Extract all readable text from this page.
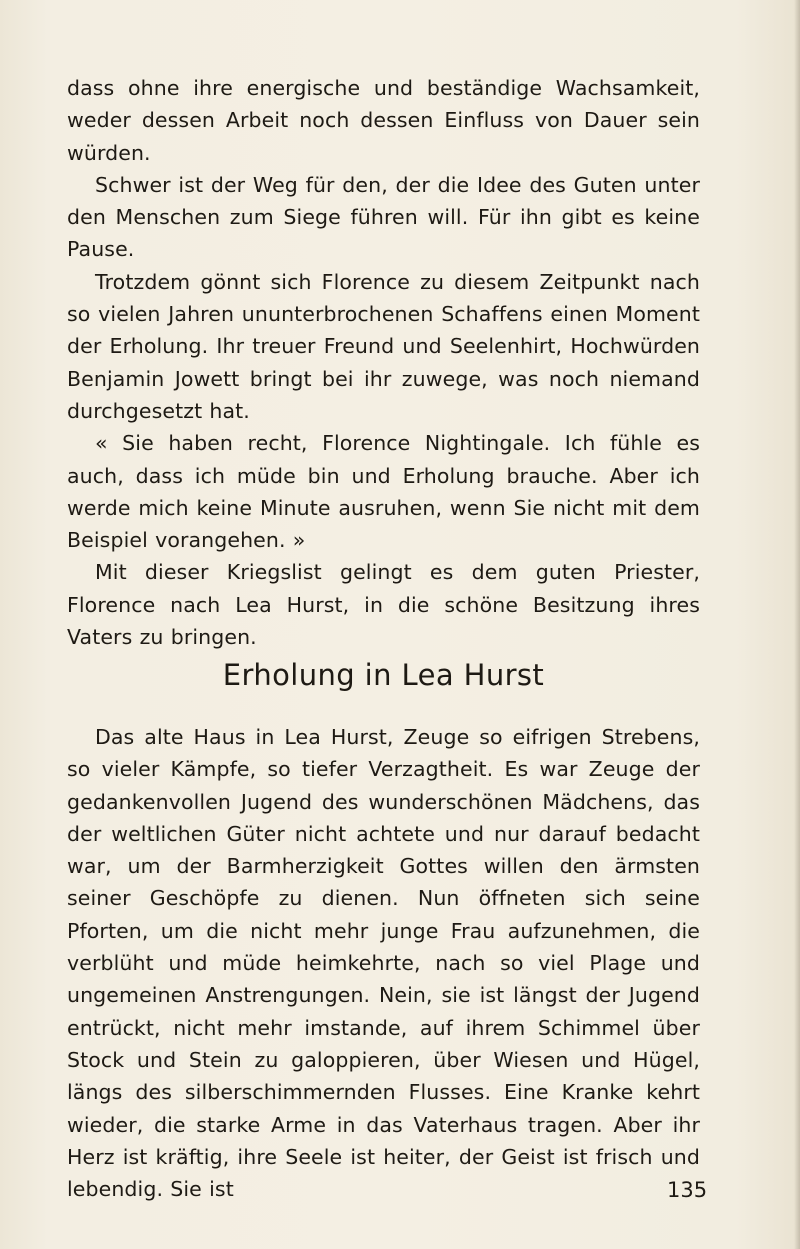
dass ohne ihre energische und beständige Wachsamkeit, weder dessen Arbeit noch dessen Einfluss von Dauer sein würden.

Schwer ist der Weg für den, der die Idee des Guten unter den Menschen zum Siege führen will. Für ihn gibt es keine Pause.

Trotzdem gönnt sich Florence zu diesem Zeitpunkt nach so vielen Jahren ununterbrochenen Schaffens einen Moment der Erholung. Ihr treuer Freund und Seelenhirt, Hochwürden Benjamin Jowett bringt bei ihr zuwege, was noch niemand durchgesetzt hat.

« Sie haben recht, Florence Nightingale. Ich fühle es auch, dass ich müde bin und Erholung brauche. Aber ich werde mich keine Minute ausruhen, wenn Sie nicht mit dem Beispiel vorangehen. »

Mit dieser Kriegslist gelingt es dem guten Priester, Florence nach Lea Hurst, in die schöne Besitzung ihres Vaters zu bringen.

Erholung in Lea Hurst

Das alte Haus in Lea Hurst, Zeuge so eifrigen Strebens, so vieler Kämpfe, so tiefer Verzagtheit. Es war Zeuge der gedankenvollen Jugend des wunderschönen Mädchens, das der weltlichen Güter nicht achtete und nur darauf bedacht war, um der Barmherzigkeit Gottes willen den ärmsten seiner Geschöpfe zu dienen. Nun öffneten sich seine Pforten, um die nicht mehr junge Frau aufzunehmen, die verblüht und müde heimkehrte, nach so viel Plage und ungemeinen Anstrengungen. Nein, sie ist längst der Jugend entrückt, nicht mehr imstande, auf ihrem Schimmel über Stock und Stein zu galoppieren, über Wiesen und Hügel, längs des silberschimmernden Flusses. Eine Kranke kehrt wieder, die starke Arme in das Vaterhaus tragen. Aber ihr Herz ist kräftig, ihre Seele ist heiter, der Geist ist frisch und lebendig. Sie ist	135
